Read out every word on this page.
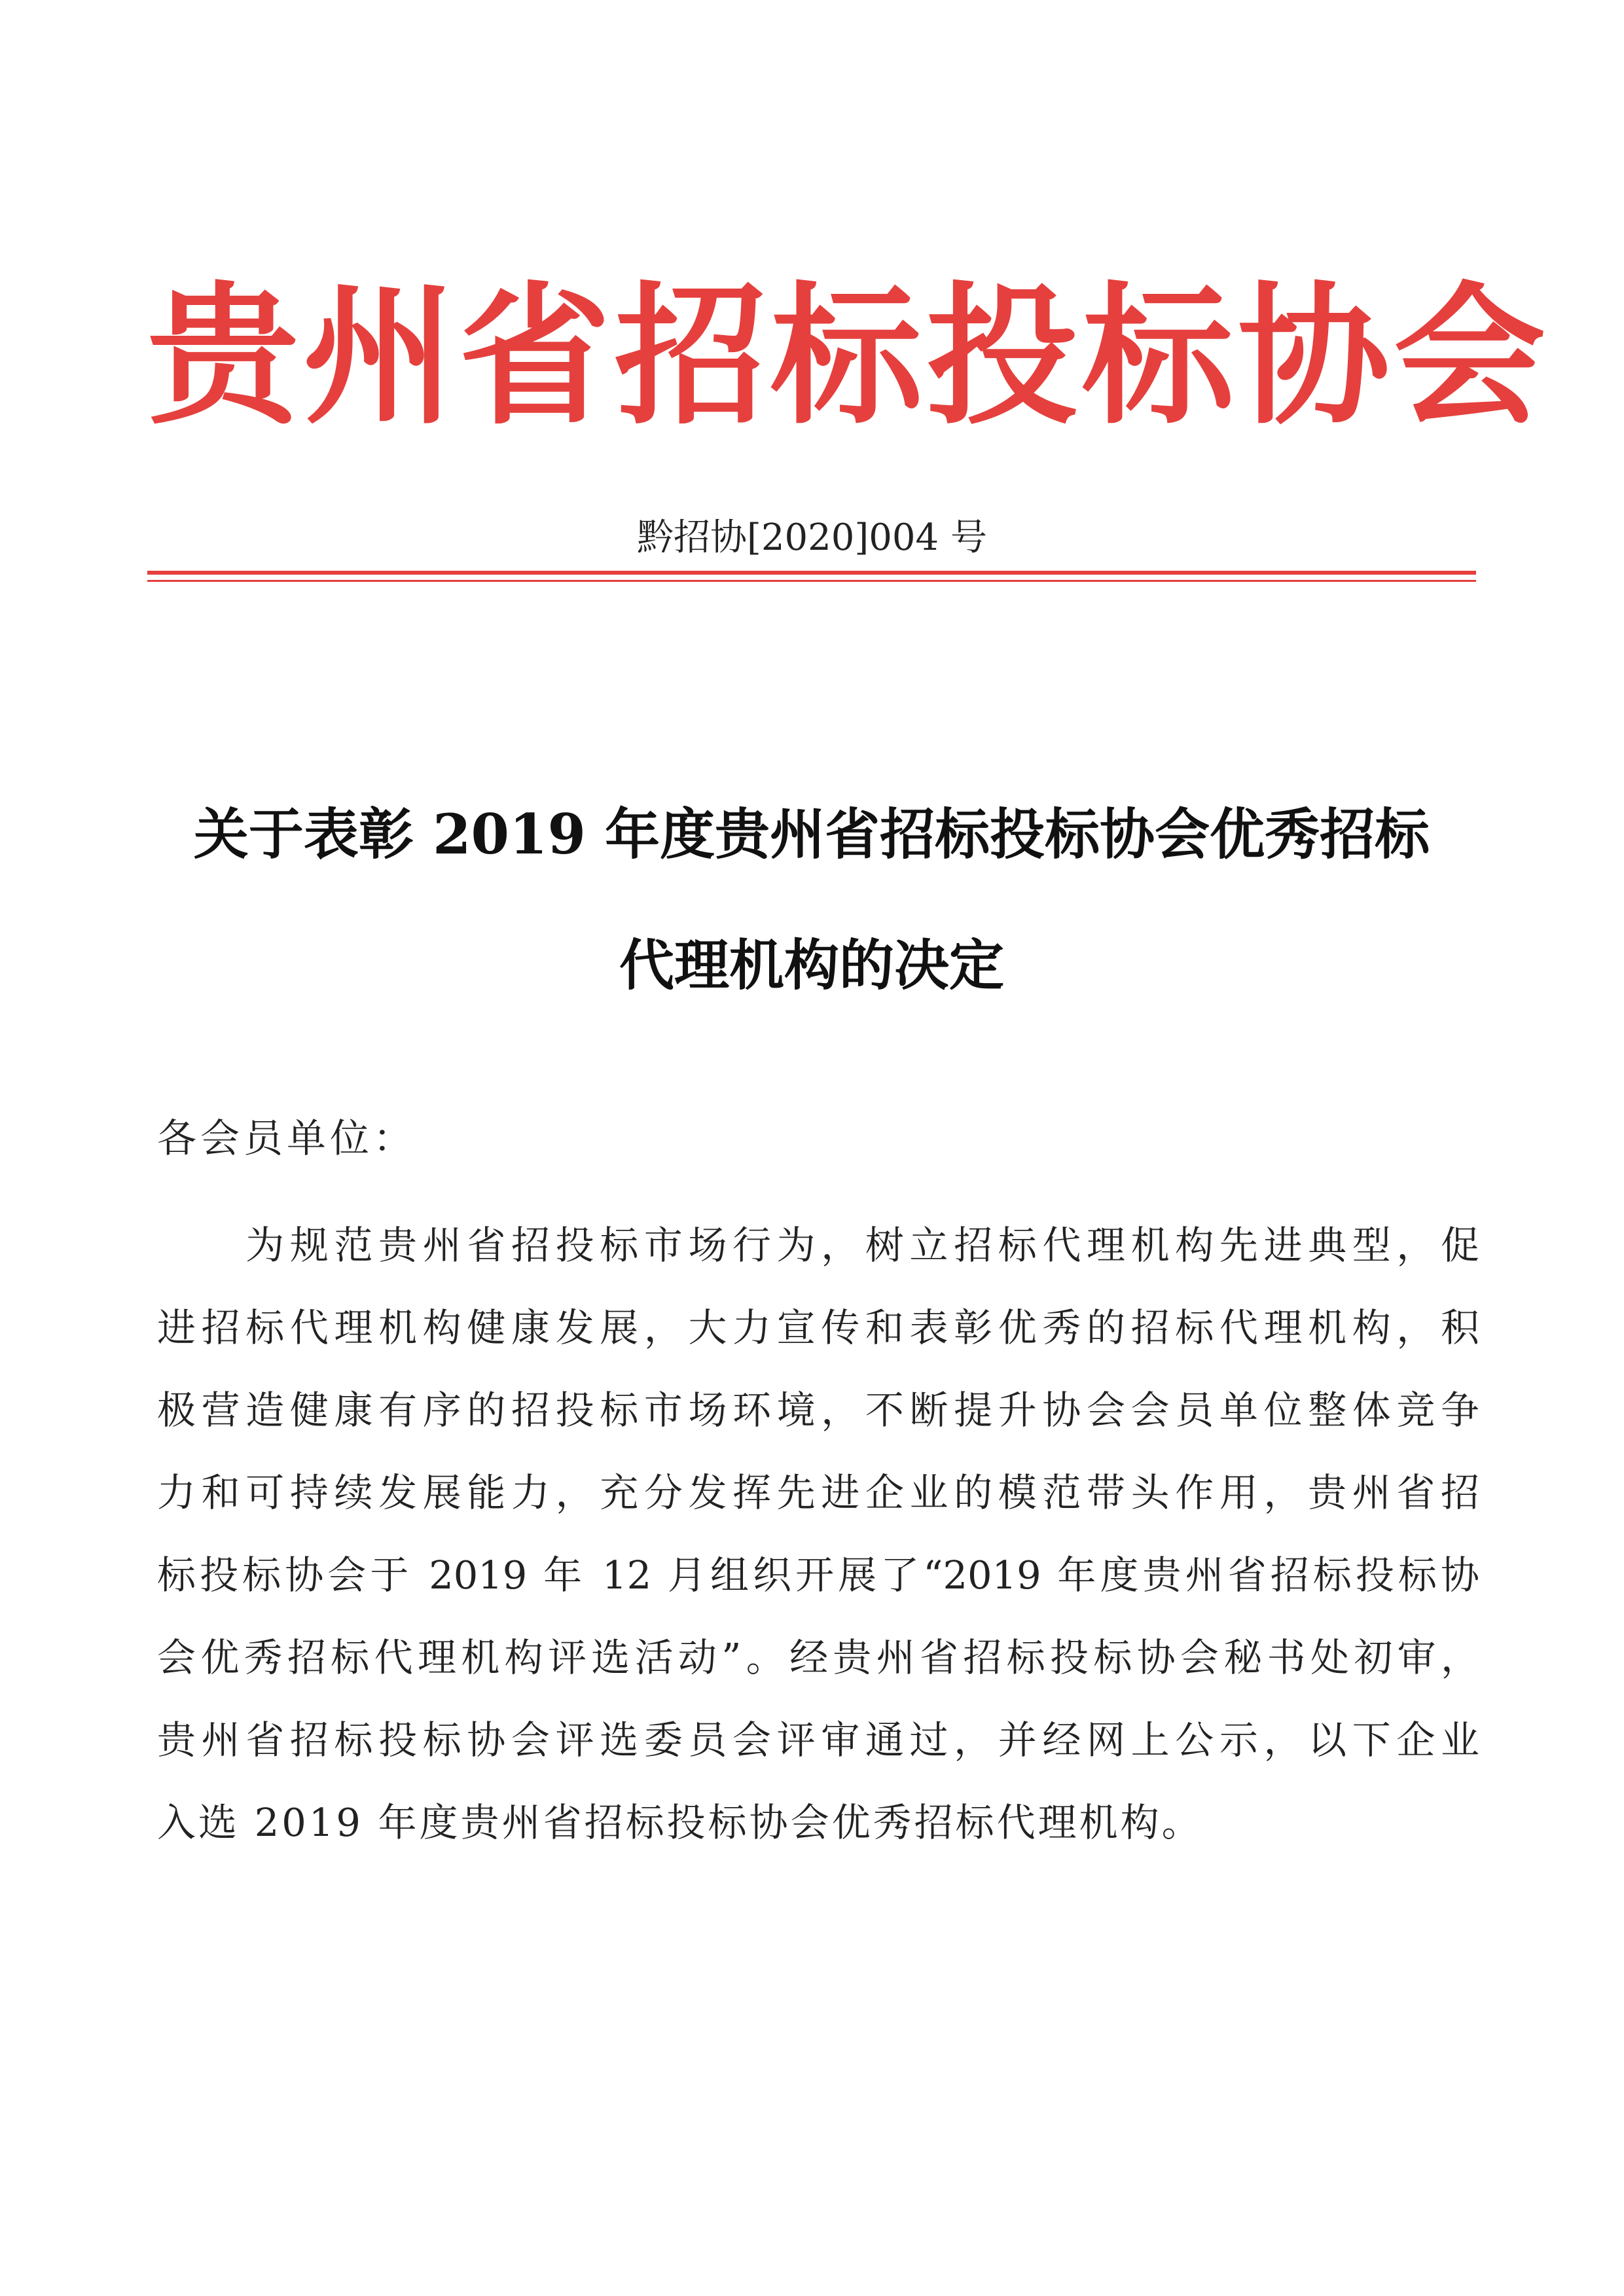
贵州省招标投标协会
黔招协[2020]004 号
关于表彰 2019 年度贵州省招标投标协会优秀招标
代理机构的决定
各会员单位：
　　为规范贵州省招投标市场行为，树立招标代理机构先进典型，促
进招标代理机构健康发展，大力宣传和表彰优秀的招标代理机构，积
极营造健康有序的招投标市场环境，不断提升协会会员单位整体竞争
力和可持续发展能力，充分发挥先进企业的模范带头作用，贵州省招
标投标协会于 2019 年 12 月组织开展了“2019 年度贵州省招标投标协
会优秀招标代理机构评选活动”。经贵州省招标投标协会秘书处初审，
贵州省招标投标协会评选委员会评审通过，并经网上公示，以下企业
入选 2019 年度贵州省招标投标协会优秀招标代理机构。
